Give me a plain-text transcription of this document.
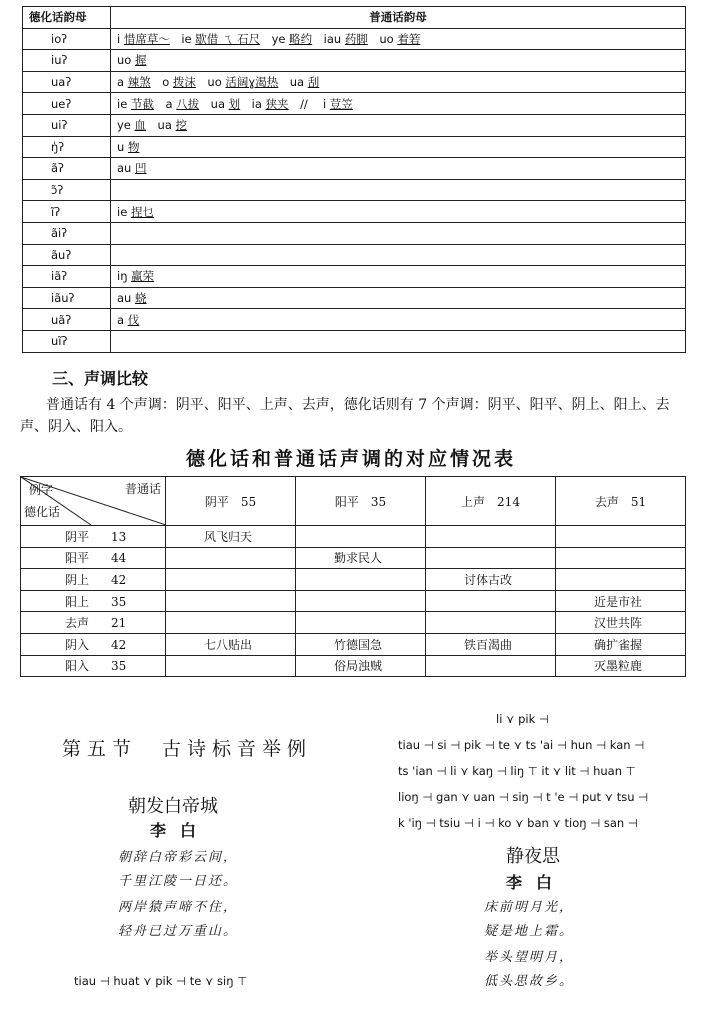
德化话韵母	普通话韵母
ioʔ	i 惜席草～  ie 歇借 ㄟ 石尺  ye 略约  iau 药脚  uo 着箬 
iuʔ	uo 握 
uaʔ	a 辣煞  o 拨沫  uo 活阔ɣ渴热  ua 刮 
ueʔ	ie 节截  a 八拔  ua 划  ia 狭夹  //   i 荳笠 
uiʔ	ye 血  ua 挖 
ŋ̍ʔ	u 物 
ãʔ	au 凹 
ɔ̃ʔ	
ĩʔ	ie 捏乜 
ãiʔ	
ãuʔ	
iãʔ	iŋ 赢荣 
iãuʔ	au 蛲 
uãʔ	a 伐 
uĩʔ	
三、声调比较
普通话有 4 个声调：阴平、阳平、上声、去声，德化话则有 7 个声调：阴平、阳平、阴上、阳上、去声、阴入、阳入。
德化话和普通话声调的对应情况表
普通话
例字
德化话	阴平　55	阳平　35	上声　214	去声　51
阴平 13	风飞归天			
阳平 44		勤求民人		
阴上 42			讨体古改	
阳上 35				近是市社
去声 21				汉世共阵
阴入 42	七八贴出	竹德国急	铁百渴曲	确扩雀握
阳入 35		俗局浊贼		灭墨粒鹿
第五节　古诗标音举例
朝发白帝城
李白
朝辞白帝彩云间，
千里江陵一日还。
两岸猿声啼不住，
轻舟已过万重山。
tiau ⊣ huat ⋎ pik ⊣ te ⋎ siŋ ⊤
li ⋎ pik ⊣
tiau ⊣ si ⊣ pik ⊣ te ⋎ ts 'ai ⊣ hun ⊣ kan ⊣
ts 'ian ⊣ li ⋎ kaŋ ⊣ liŋ ⊤ it ⋎ lit ⊣ huan ⊤
lioŋ ⊣ gan ⋎ uan ⊣ siŋ ⊣ t 'e ⊣ put ⋎ tsu ⊣
k 'iŋ ⊣ tsiu ⊣ i ⊣ ko ⋎ ban ⋎ tioŋ ⊣ san ⊣
静夜思
李白
床前明月光，
疑是地上霜。
举头望明月，
低头思故乡。
